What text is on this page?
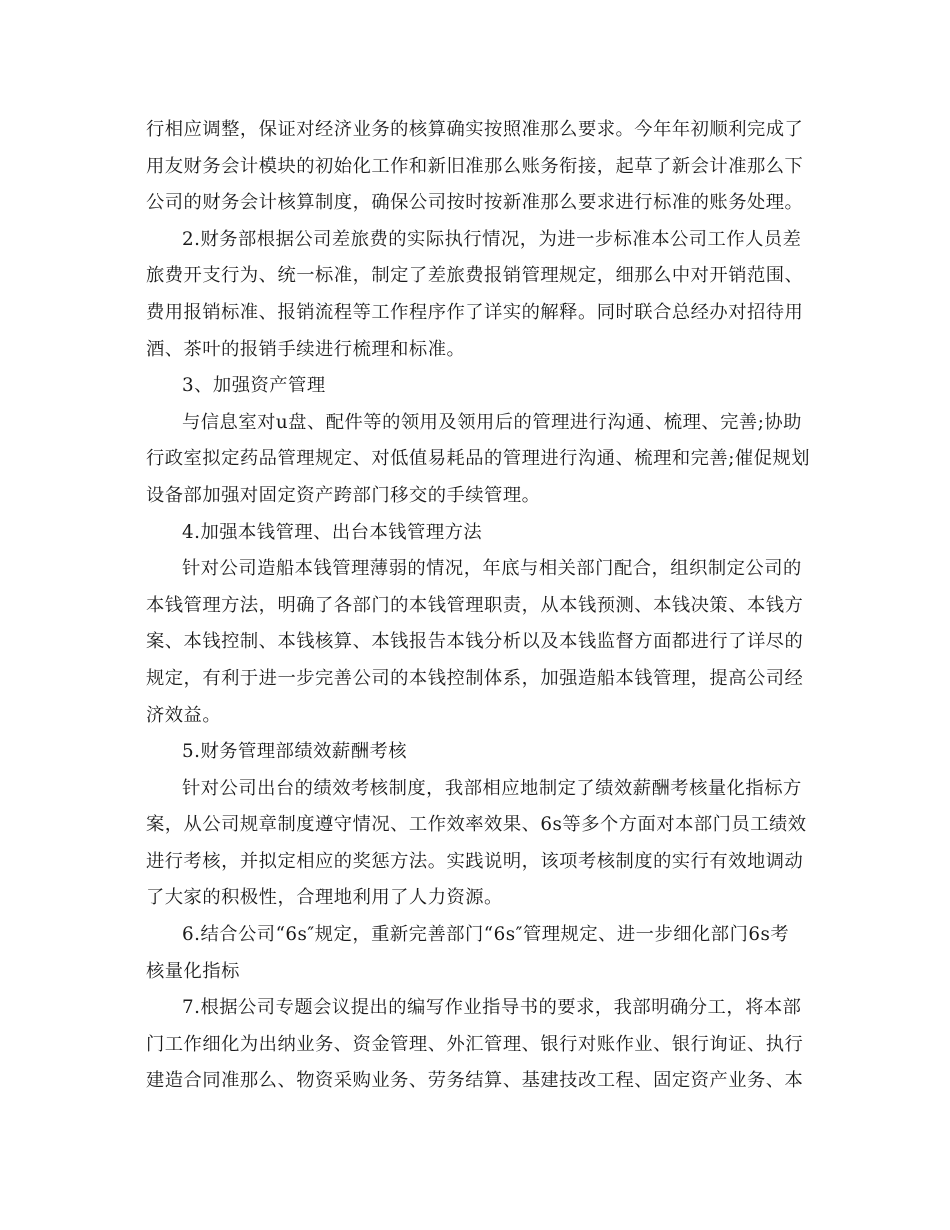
行相应调整，保证对经济业务的核算确实按照准那么要求。今年年初顺利完成了
用友财务会计模块的初始化工作和新旧准那么账务衔接，起草了新会计准那么下
公司的财务会计核算制度，确保公司按时按新准那么要求进行标准的账务处理。
2.财务部根据公司差旅费的实际执行情况，为进一步标准本公司工作人员差
旅费开支行为、统一标准，制定了差旅费报销管理规定，细那么中对开销范围、
费用报销标准、报销流程等工作程序作了详实的解释。同时联合总经办对招待用
酒、茶叶的报销手续进行梳理和标准。
3、加强资产管理
与信息室对u盘、配件等的领用及领用后的管理进行沟通、梳理、完善;协助
行政室拟定药品管理规定、对低值易耗品的管理进行沟通、梳理和完善;催促规划
设备部加强对固定资产跨部门移交的手续管理。
4.加强本钱管理、出台本钱管理方法
针对公司造船本钱管理薄弱的情况，年底与相关部门配合，组织制定公司的
本钱管理方法，明确了各部门的本钱管理职责，从本钱预测、本钱决策、本钱方
案、本钱控制、本钱核算、本钱报告本钱分析以及本钱监督方面都进行了详尽的
规定，有利于进一步完善公司的本钱控制体系，加强造船本钱管理，提高公司经
济效益。
5.财务管理部绩效薪酬考核
针对公司出台的绩效考核制度，我部相应地制定了绩效薪酬考核量化指标方
案，从公司规章制度遵守情况、工作效率效果、6s等多个方面对本部门员工绩效
进行考核，并拟定相应的奖惩方法。实践说明，该项考核制度的实行有效地调动
了大家的积极性，合理地利用了人力资源。
6.结合公司“6s″规定，重新完善部门“6s″管理规定、进一步细化部门6s考
核量化指标
7.根据公司专题会议提出的编写作业指导书的要求，我部明确分工，将本部
门工作细化为出纳业务、资金管理、外汇管理、银行对账作业、银行询证、执行
建造合同准那么、物资采购业务、劳务结算、基建技改工程、固定资产业务、本
